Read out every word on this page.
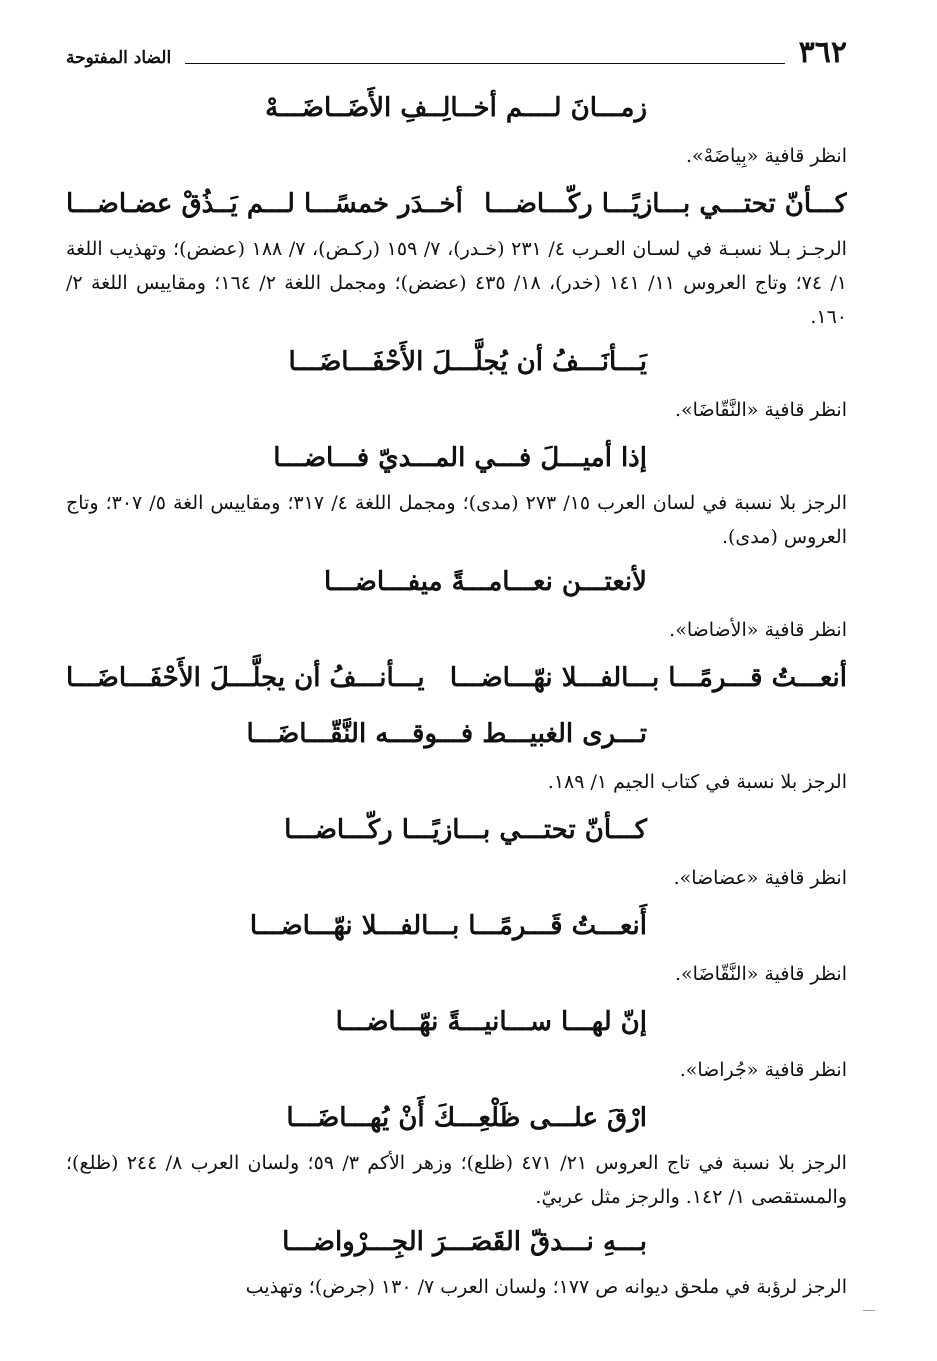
٣٦٢
الضاد المفتوحة
زمـــانَ لــــم أخــالِــفِ الأَضَــاضَـــهْ
انظر قافية «بِياضَهْ».
كـــأنّ تحتـــي بـــازيًـــا ركّـــاضـــا
أخــدَر خمسًـــا لـــم يَــذُقْ عضـاضـــا
الرجـز بـلا نسبـة في لسـان العـرب ٤/ ٢٣١ (خـدر)، ٧/ ١٥٩ (ركـض)، ٧/ ١٨٨ (عضض)؛ وتهذيب اللغة ١/ ٧٤؛ وتاج العروس ١١/ ١٤١ (خدر)، ١٨/ ٤٣٥ (عضض)؛ ومجمل اللغة ٢/ ١٦٤؛ ومقاييس اللغة ٢/ ١٦٠.
يَـــأنَـــفُ أن يُجلَّـــلَ الأَحْفَـــاضَـــا
انظر قافية «النَّقّاضَا».
إذا أميـــلَ فـــي المـــديّ فـــاضـــا
الرجز بلا نسبة في لسان العرب ١٥/ ٢٧٣ (مدى)؛ ومجمل اللغة ٤/ ٣١٧؛ ومقاييس الغة ٥/ ٣٠٧؛ وتاج العروس (مدى).
لأنعتـــن نعـــامـــةً ميفـــاضـــا
انظر قافية «الأضاضا».
أنعـــتُ قـــرمًـــا بـــالفـــلا نهّـــاضـــا
يـــأنـــفُ أن يجلَّـــلَ الأَحْفَـــاضَـــا
تـــرى الغبيـــط فـــوقـــه النَّقّـــاضَـــا
الرجز بلا نسبة في كتاب الجيم ١/ ١٨٩.
كـــأنّ تحتـــي بـــازيًـــا ركّـــاضـــا
انظر قافية «عضاضا».
أَنعـــتُ قَـــرمًـــا بـــالفـــلا نهّـــاضـــا
انظر قافية «النَّقّاضَا».
إنّ لهـــا ســـانيـــةً نهّـــاضـــا
انظر قافية «جُراضا».
ارْقَ علـــى ظَلْعِـــكَ أَنْ يُهـــاضَـــا
الرجز بلا نسبة في تاج العروس ٢١/ ٤٧١ (ظلع)؛ وزهر الأكم ٣/ ٥٩؛ ولسان العرب ٨/ ٢٤٤ (ظلع)؛ والمستقصى ١/ ١٤٢. والرجز مثل عربيّ.
بـــهِ نـــدقّ القَصَـــرَ الجِـــرْواضـــا
الرجز لرؤبة في ملحق ديوانه ص ١٧٧؛ ولسان العرب ٧/ ١٣٠ (جرض)؛ وتهذيب
